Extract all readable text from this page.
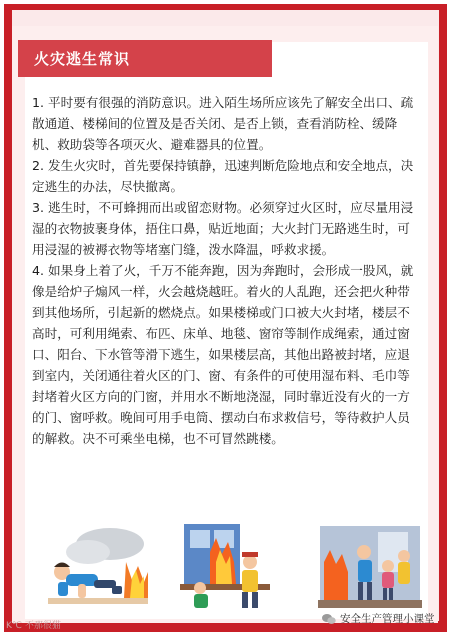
火灾逃生常识

1. 平时要有很强的消防意识。进入陌生场所应该先了解安全出口、疏散通道、楼梯间的位置及是否关闭、是否上锁，查看消防栓、缓降机、救助袋等各项灭火、避难器具的位置。

2. 发生火灾时，首先要保持镇静，迅速判断危险地点和安全地点，决定逃生的办法，尽快撤离。

3. 逃生时，不可蜂拥而出或留恋财物。必须穿过火区时，应尽量用浸湿的衣物披裹身体，捂住口鼻，贴近地面；大火封门无路逃生时，可用浸湿的被褥衣物等堵塞门缝，泼水降温，呼救求援。

4. 如果身上着了火，千万不能奔跑，因为奔跑时，会形成一股风，就像是给炉子煽风一样，火会越烧越旺。着火的人乱跑，还会把火种带到其他场所，引起新的燃烧点。如果楼梯或门口被大火封堵，楼层不高时，可利用绳索、布匹、床单、地毯、窗帘等制作成绳索，通过窗口、阳台、下水管等滑下逃生，如果楼层高，其他出路被封堵，应退到室内，关闭通往着火区的门、窗、有条件的可使用湿布料、毛巾等封堵着火区方向的门窗，并用水不断地浇湿，同时靠近没有火的一方的门、窗呼救。晚间可用手电筒、摆动白布求救信号，等待救护人员的解救。决不可乘坐电梯，也不可冒然跳楼。

K℃ 不那很猫
安全生产管理小课堂
